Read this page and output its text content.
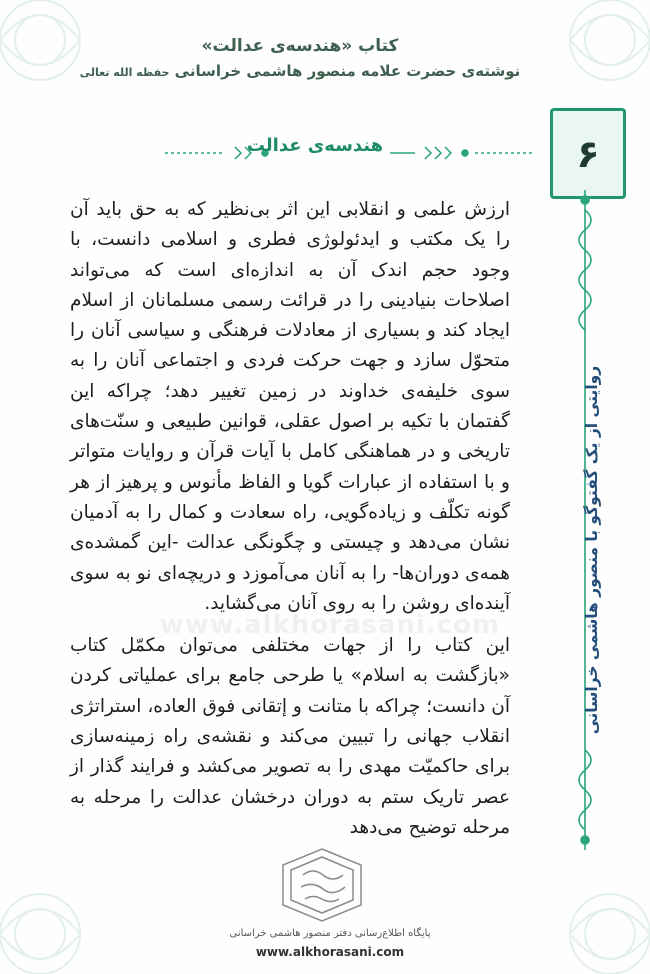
کتاب «هندسه‌ی عدالت»
نوشته‌ی حضرت علامه منصور هاشمی خراسانی حفظه الله تعالی
هندسه‌ی عدالت	۶
روایتی از یک گفتوگو با منصور هاشمی خراسانی
www.alkhorasani.com

ارزش علمی و انقلابی این اثر بی‌نظیر که به حق باید آن را یک مکتب و ایدئولوژی فطری و اسلامی دانست، با وجود حجم اندک آن به اندازه‌ای است که می‌تواند اصلاحات بنیادینی را در قرائت رسمی مسلمانان از اسلام ایجاد کند و بسیاری از معادلات فرهنگی و سیاسی آنان را متحوّل سازد و جهت حرکت فردی و اجتماعی آنان را به سوی خلیفه‌ی خداوند در زمین تغییر دهد؛ چراکه این گفتمان با تکیه بر اصول عقلی، قوانین طبیعی و سنّت‌های تاریخی و در هماهنگی کامل با آیات قرآن و روایات متواتر و با استفاده از عبارات گویا و الفاظ مأنوس و پرهیز از هر گونه تکلّف و زیاده‌گویی، راه سعادت و کمال را به آدمیان نشان می‌دهد و چیستی و چگونگی عدالت -این گمشده‌ی همه‌ی دوران‌ها- را به آنان می‌آموزد و دریچه‌ای نو به سوی آینده‌ای روشن را به روی آنان می‌گشاید.

این کتاب را از جهات مختلفی می‌توان مکمّل کتاب «بازگشت به اسلام» یا طرحی جامع برای عملیاتی کردن آن دانست؛ چراکه با متانت و إتقانی فوق العاده، استراتژی انقلاب جهانی را تبیین می‌کند و نقشه‌ی راه زمینه‌سازی برای حاکمیّت مهدی را به تصویر می‌کشد و فرایند گذار از عصر تاریک ستم به دوران درخشان عدالت را مرحله به مرحله توضیح می‌دهد

پایگاه اطلاع‌رسانی دفتر منصور هاشمی خراسانی
www.alkhorasani.com
